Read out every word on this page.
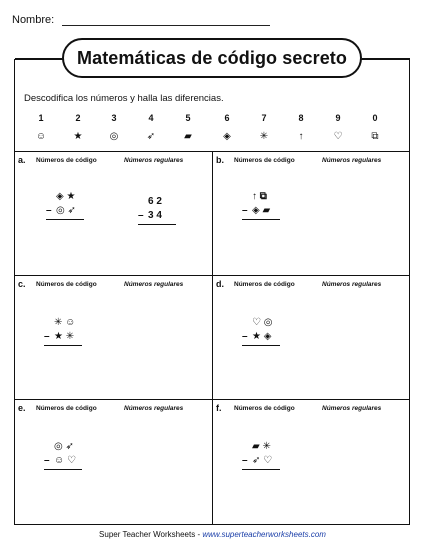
Nombre:
Matemáticas de código secreto
Descodifica los números y halla las diferencias.
1
☺
2
★
3
◎
4
➶
5
▰
6
◈
7
✳
8
↑
9
♡
0
⧉
a. Números de código	Números regulares
◈ ★
– ◎ ➶
6 2
– 3 4
b. Números de código	Números regulares
↑ ⧉
– ◈ ▰
c. Números de código	Números regulares
✳ ☺
– ★ ✳
d. Números de código	Números regulares
♡ ◎
– ★ ◈
e. Números de código	Números regulares
◎ ➶
– ☺ ♡
f. Números de código	Números regulares
▰ ✳
– ➶ ♡
Super Teacher Worksheets - www.superteacherworksheets.com
